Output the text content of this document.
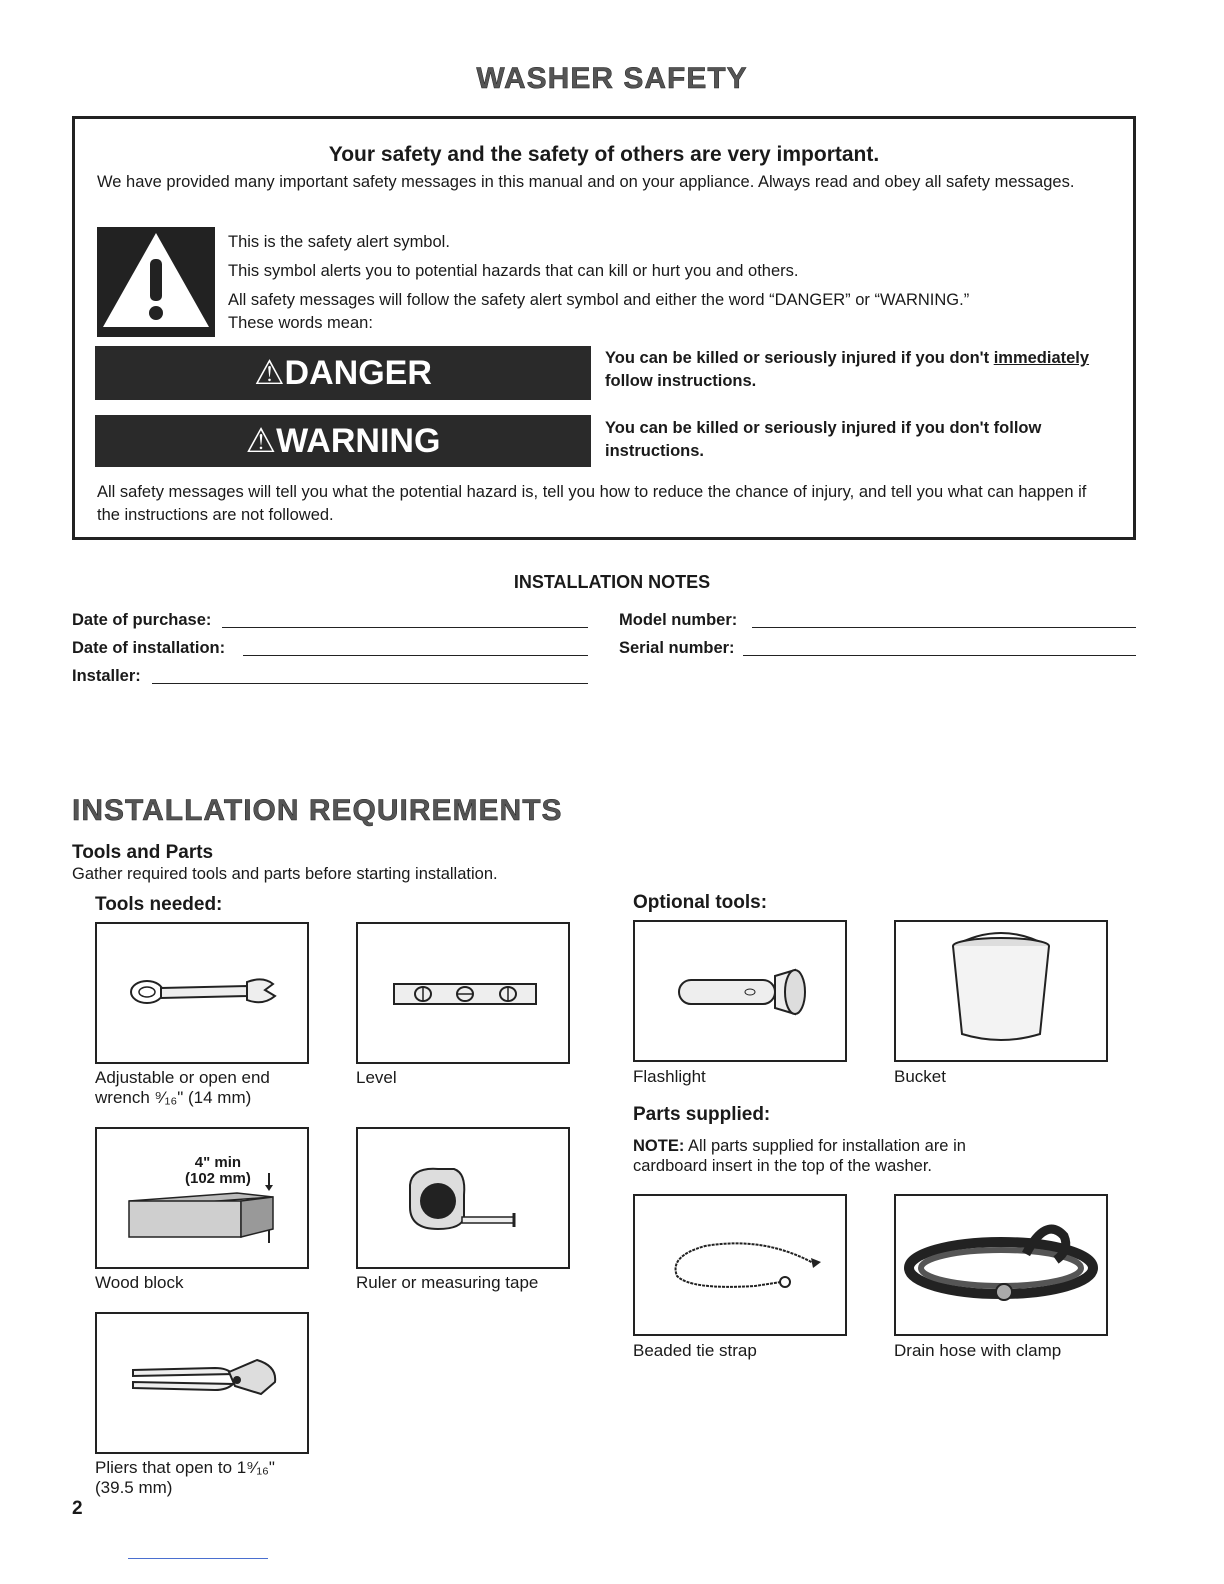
WASHER SAFETY
Your safety and the safety of others are very important.
We have provided many important safety messages in this manual and on your appliance. Always read and obey all safety messages.
This is the safety alert symbol.
This symbol alerts you to potential hazards that can kill or hurt you and others.
All safety messages will follow the safety alert symbol and either the word “DANGER” or “WARNING.”
These words mean:
⚠DANGER	You can be killed or seriously injured if you don't immediately
follow instructions.
⚠WARNING	You can be killed or seriously injured if you don't follow instructions.
All safety messages will tell you what the potential hazard is, tell you how to reduce the chance of injury, and tell you what can happen if the instructions are not followed.
INSTALLATION NOTES
Date of purchase:
Date of installation:
Installer:
Model number:
Serial number:
INSTALLATION REQUIREMENTS
Tools and Parts
Gather required tools and parts before starting installation.
Tools needed:	Optional tools:
Adjustable or open end
wrench ⁹⁄₁₆" (14 mm)
Level	Flashlight	Bucket
Parts supplied:
NOTE: All parts supplied for installation are in cardboard insert in the top of the washer.
4" min
(102 mm)
Wood block	Ruler or measuring tape
Beaded tie strap	Drain hose with clamp
Pliers that open to 1⁹⁄₁₆"
(39.5 mm)
2
